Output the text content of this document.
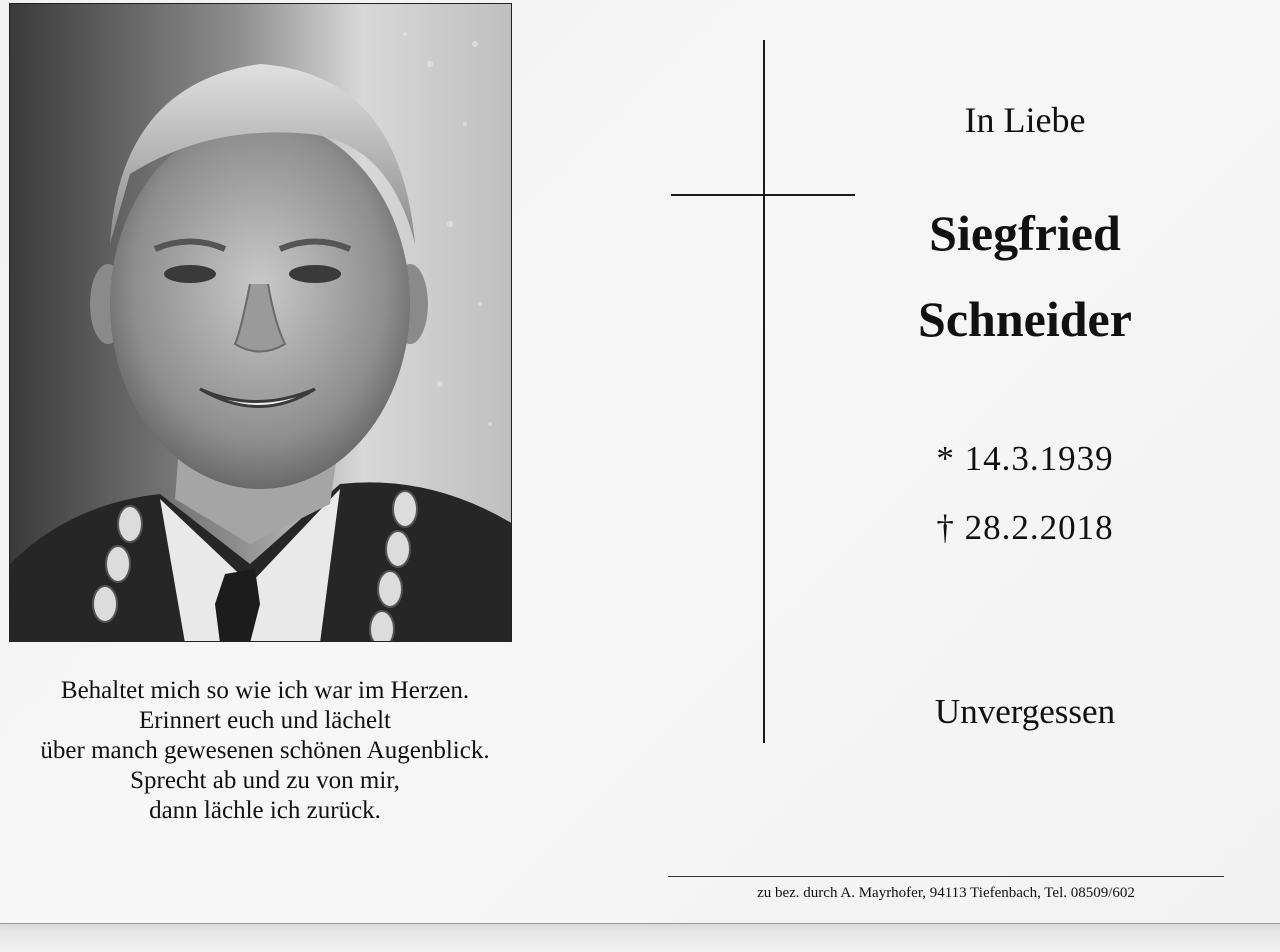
Behaltet mich so wie ich war im Herzen.
Erinnert euch und lächelt
über manch gewesenen schönen Augenblick.
Sprecht ab und zu von mir,
dann lächle ich zurück.
In Liebe
Siegfried
Schneider
* 14.3.1939
† 28.2.2018
Unvergessen
zu bez. durch A. Mayrhofer, 94113 Tiefenbach, Tel. 08509/602
